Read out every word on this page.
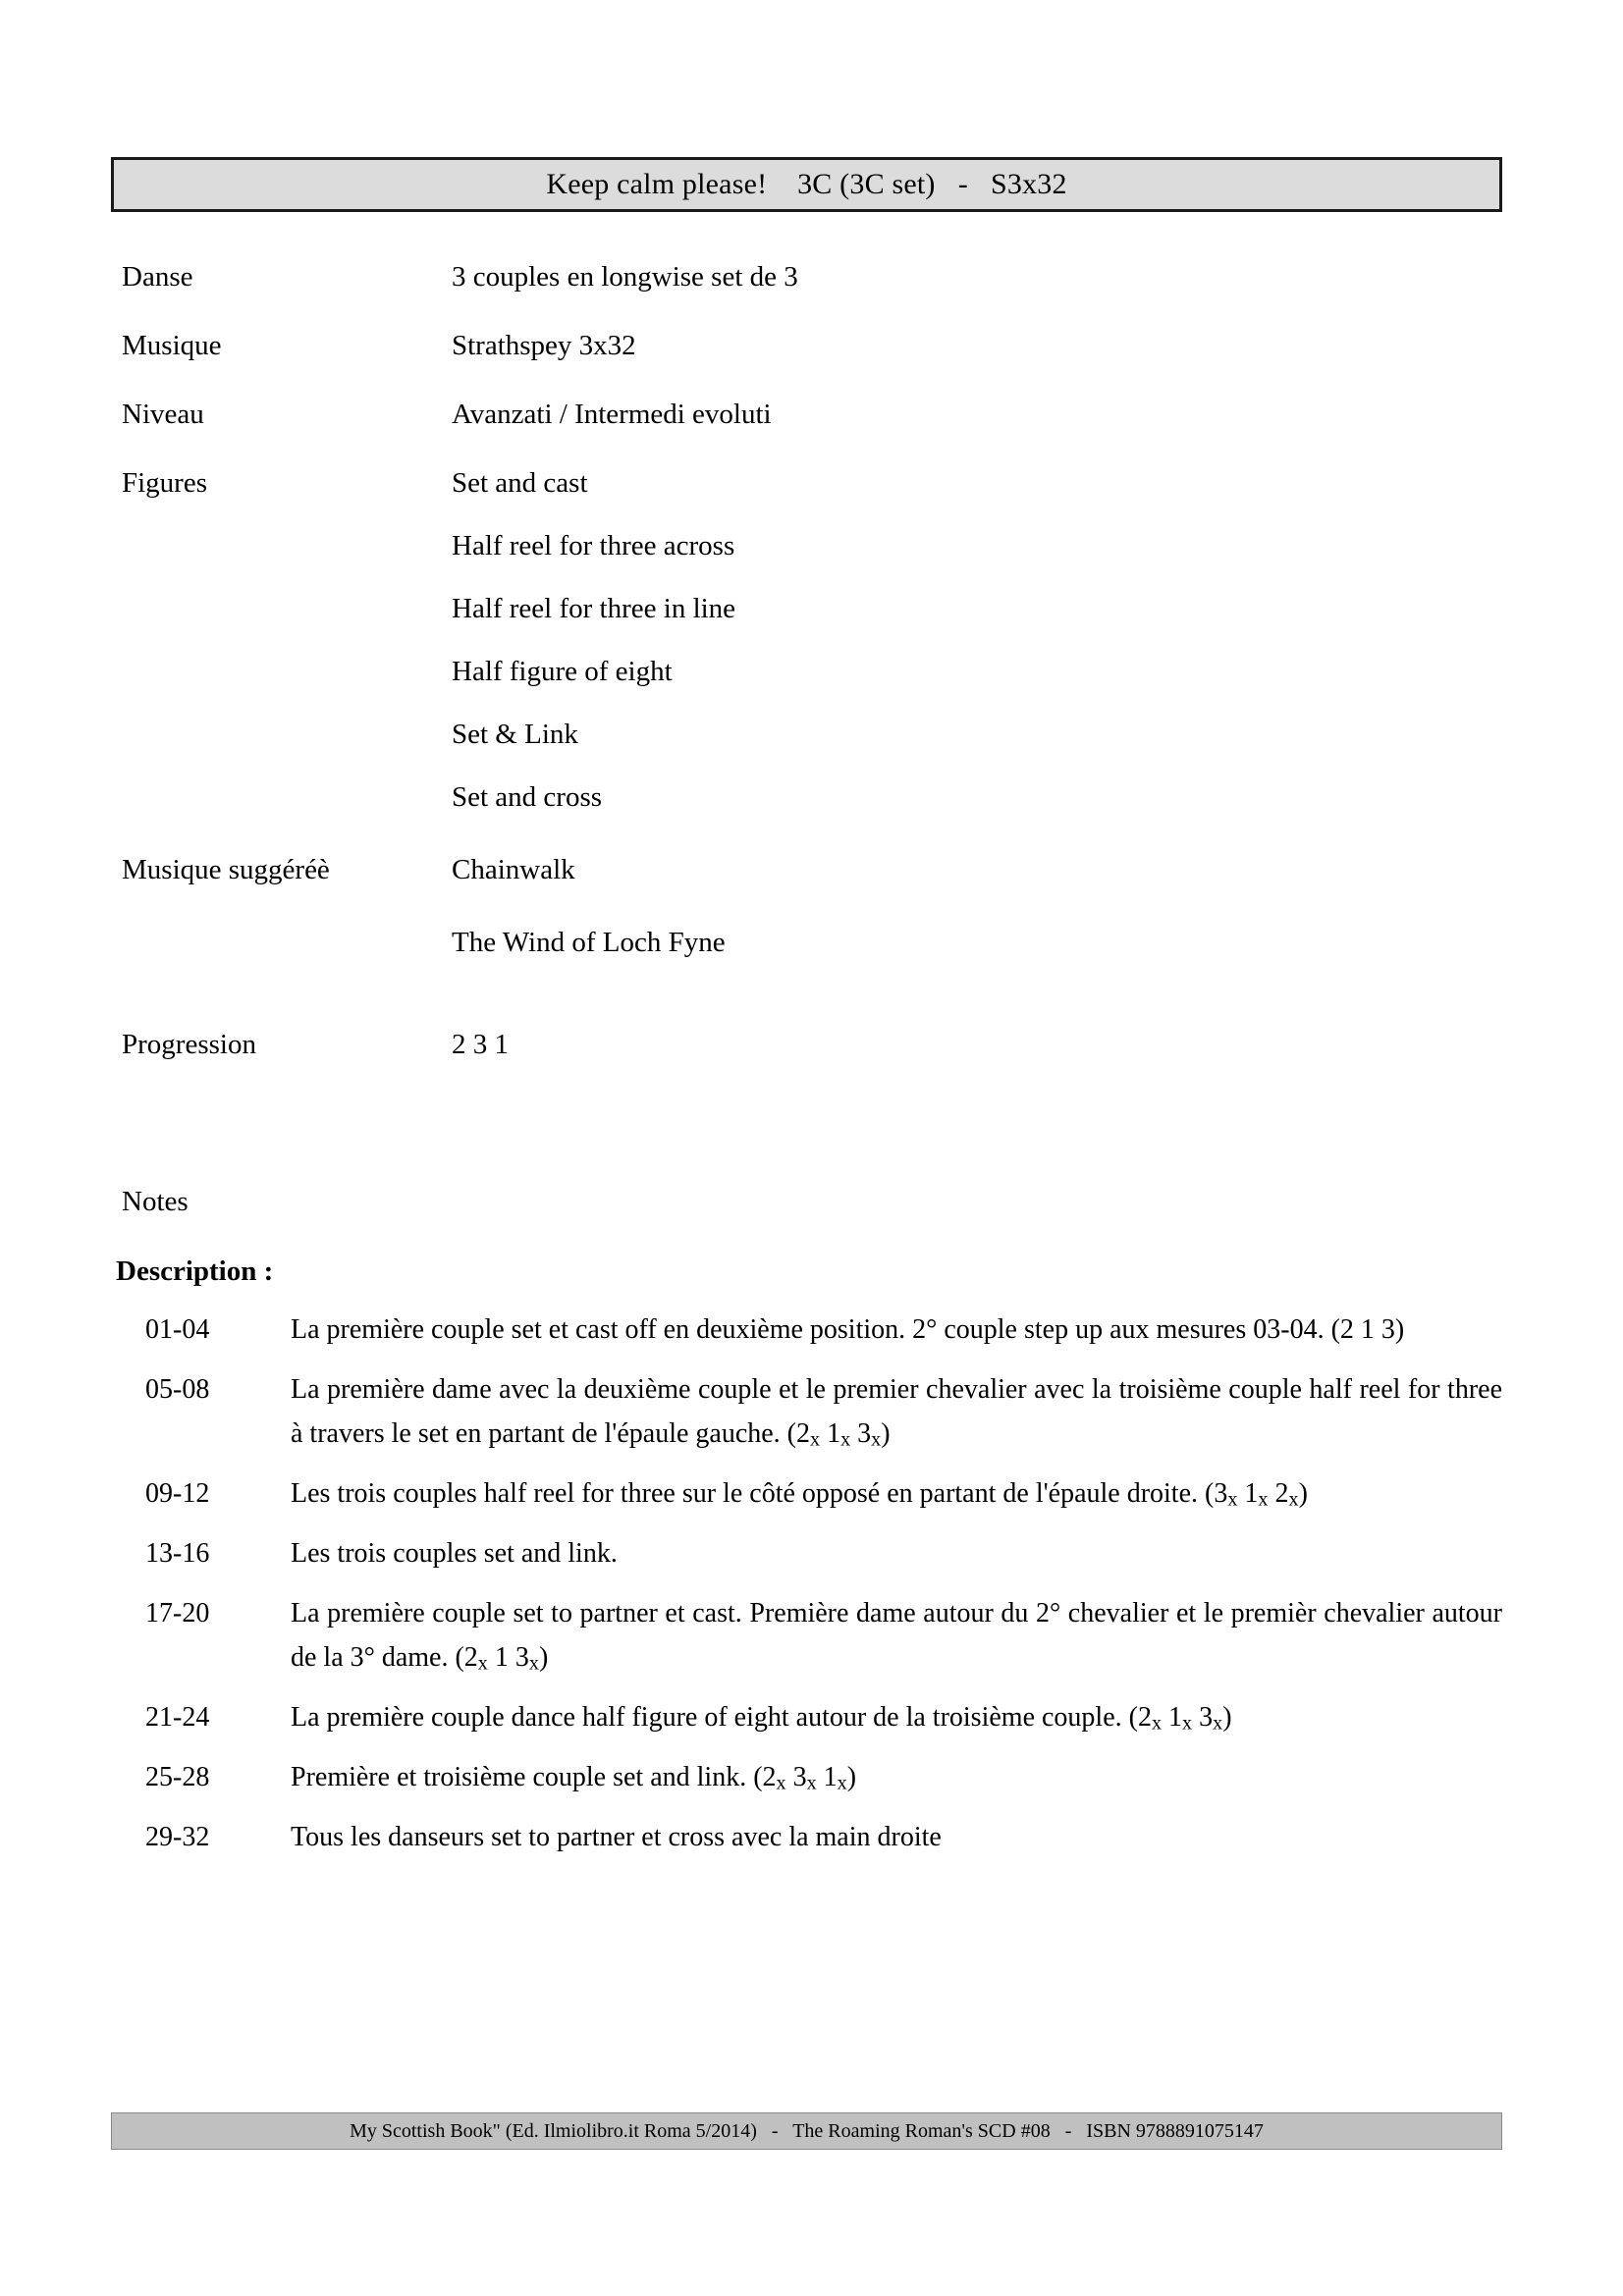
Keep calm please!    3C (3C set)   -   S3x32
Danse	3 couples en longwise set de 3
Musique	Strathspey 3x32
Niveau	Avanzati / Intermedi evoluti
Figures	Set and cast
Half reel for three across
Half reel for three in line
Half figure of eight
Set & Link
Set and cross
Musique suggéréè	Chainwalk
The Wind of Loch Fyne
Progression	2 3 1
Notes
Description :
01-04	La première couple set et cast off en deuxième position. 2° couple step up aux mesures 03-04. (2 1 3)
05-08	La première dame avec la deuxième couple et le premier chevalier avec la troisième couple half reel for three à travers le set en partant de l'épaule gauche. ($2_x$ $1_x$ $3_x$)
09-12	Les trois couples half reel for three sur le côté opposé en partant de l'épaule droite. ($3_x$ $1_x$ $2_x$)
13-16	Les trois couples set and link.
17-20	La première couple set to partner et cast. Première dame autour du 2° chevalier et le premièr chevalier autour de la 3° dame. ($2_x$ 1 $3_x$)
21-24	La première couple dance half figure of eight autour de la troisième couple. ($2_x$ $1_x$ $3_x$)
25-28	Première et troisième couple set and link. ($2_x$ $3_x$ $1_x$)
29-32	Tous les danseurs set to partner et cross avec la main droite
My Scottish Book" (Ed. Ilmiolibro.it Roma 5/2014)   -   The Roaming Roman's SCD #08   -   ISBN 9788891075147
